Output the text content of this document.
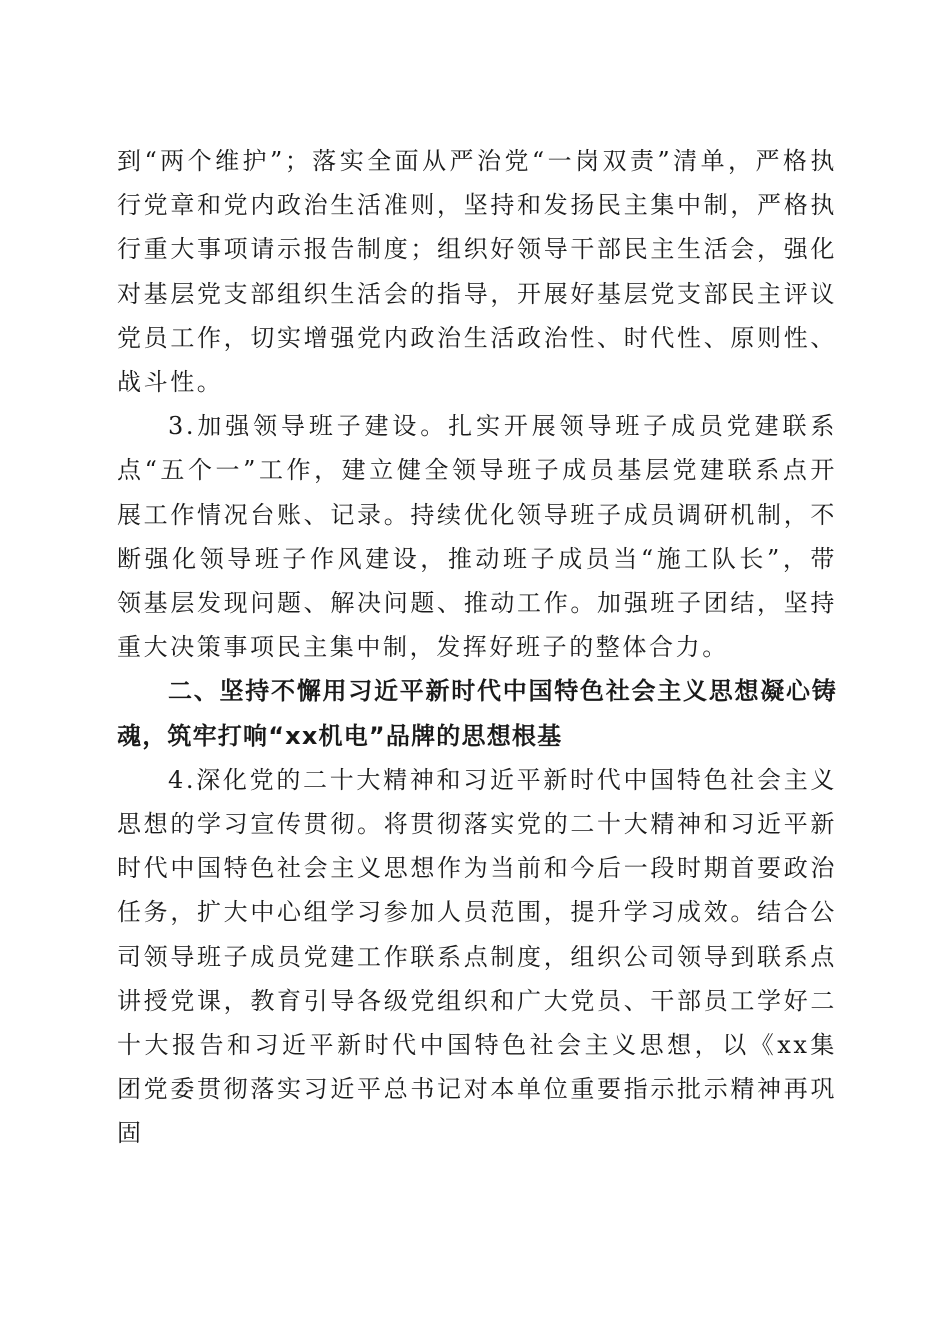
到“两个维护”；落实全面从严治党“一岗双责”清单，严格执行党章和党内政治生活准则，坚持和发扬民主集中制，严格执行重大事项请示报告制度；组织好领导干部民主生活会，强化对基层党支部组织生活会的指导，开展好基层党支部民主评议党员工作，切实增强党内政治生活政治性、时代性、原则性、战斗性。

3.加强领导班子建设。扎实开展领导班子成员党建联系点“五个一”工作，建立健全领导班子成员基层党建联系点开展工作情况台账、记录。持续优化领导班子成员调研机制，不断强化领导班子作风建设，推动班子成员当“施工队长”，带领基层发现问题、解决问题、推动工作。加强班子团结，坚持重大决策事项民主集中制，发挥好班子的整体合力。

二、坚持不懈用习近平新时代中国特色社会主义思想凝心铸魂，筑牢打响“xx机电”品牌的思想根基

4.深化党的二十大精神和习近平新时代中国特色社会主义思想的学习宣传贯彻。将贯彻落实党的二十大精神和习近平新时代中国特色社会主义思想作为当前和今后一段时期首要政治任务，扩大中心组学习参加人员范围，提升学习成效。结合公司领导班子成员党建工作联系点制度，组织公司领导到联系点讲授党课，教育引导各级党组织和广大党员、干部员工学好二十大报告和习近平新时代中国特色社会主义思想，以《xx集团党委贯彻落实习近平总书记对本单位重要指示批示精神再巩固
